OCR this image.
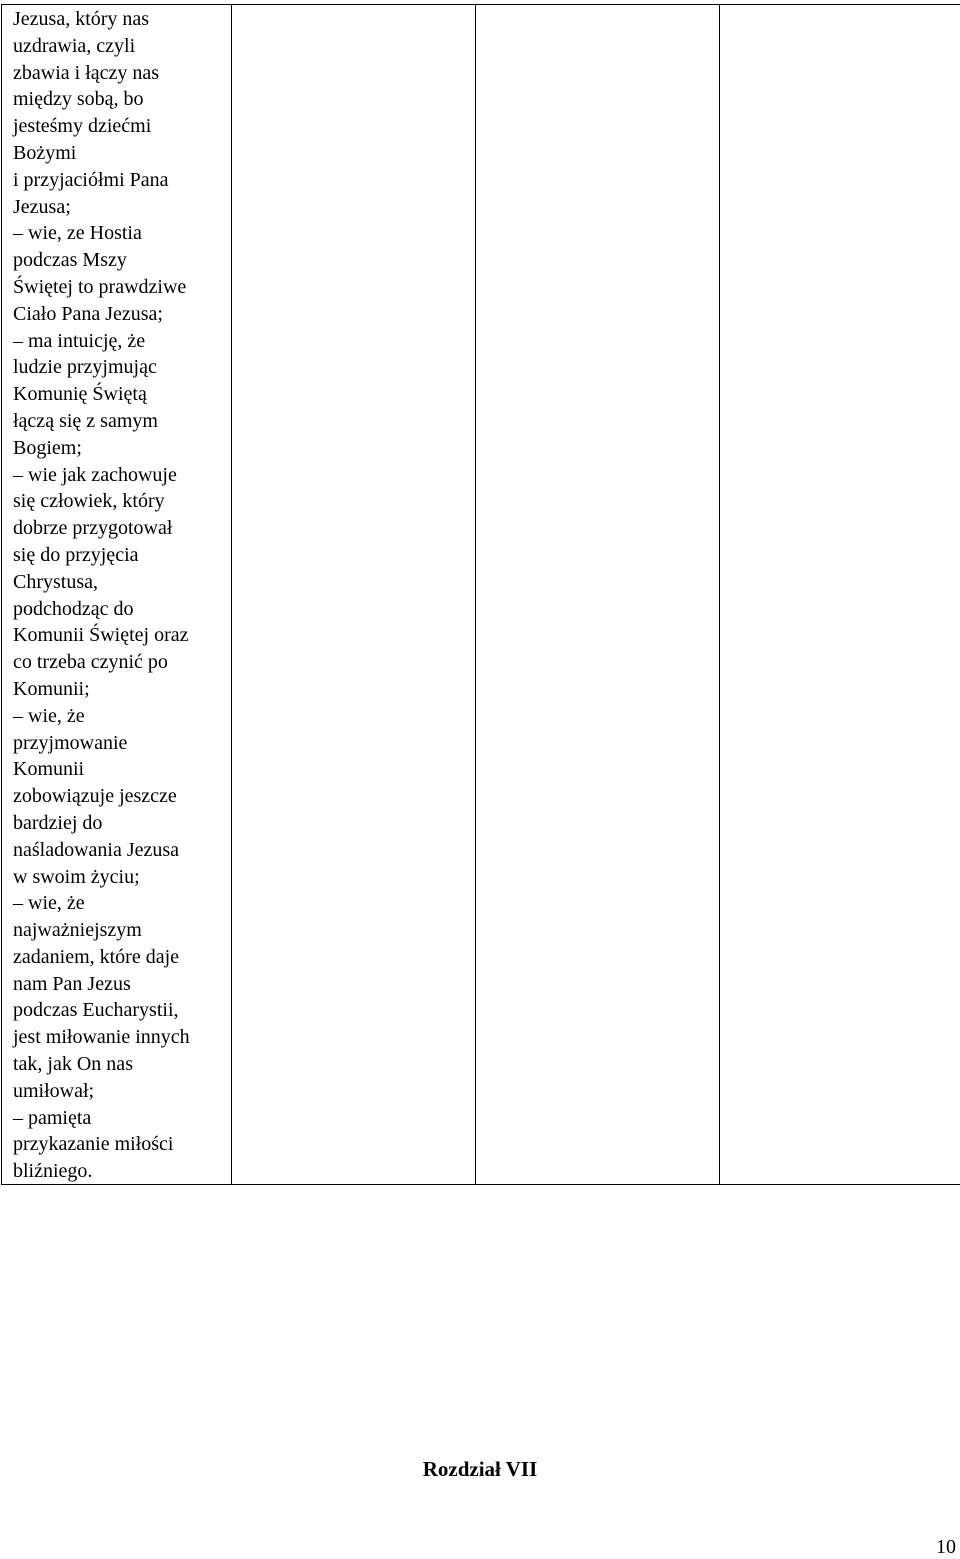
Jezusa, który nas
uzdrawia, czyli
zbawia i łączy nas
między sobą, bo
jesteśmy dziećmi
Bożymi
i przyjaciółmi Pana
Jezusa;
– wie, ze Hostia
podczas Mszy
Świętej to prawdziwe
Ciało Pana Jezusa;
– ma intuicję, że
ludzie przyjmując
Komunię Świętą
łączą się z samym
Bogiem;
– wie jak zachowuje
się człowiek, który
dobrze przygotował
się do przyjęcia
Chrystusa,
podchodząc do
Komunii Świętej oraz
co trzeba czynić po
Komunii;
– wie, że
przyjmowanie
Komunii
zobowiązuje jeszcze
bardziej do
naśladowania Jezusa
w swoim życiu;
– wie, że
najważniejszym
zadaniem, które daje
nam Pan Jezus
podczas Eucharystii,
jest miłowanie innych
tak, jak On nas
umiłował;
– pamięta
przykazanie miłości
bliźniego.

Rozdział VII
10
